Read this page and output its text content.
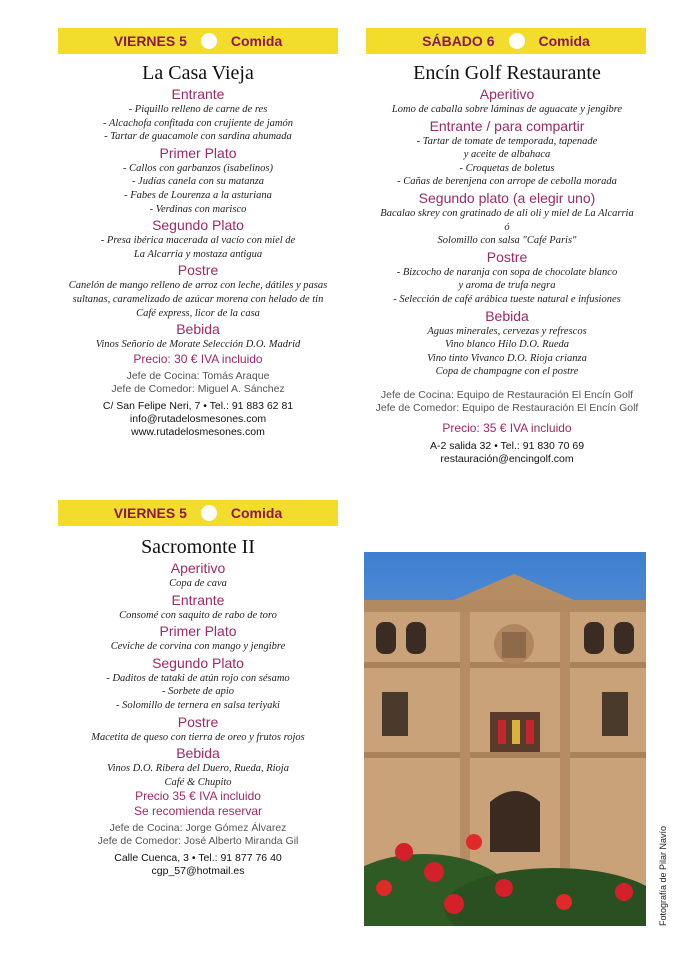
VIERNES 5	Comida
La Casa Vieja
Entrante
- Piquillo relleno de carne de res
- Alcachofa confitada con crujiente de jamón
- Tartar de guacamole con sardina ahumada
Primer Plato
- Callos con garbanzos (isabelinos)
- Judías canela con su matanza
- Fabes de Lourenza a la asturiana
- Verdinas con marisco
Segundo Plato
- Presa ibérica macerada al vacío con miel de
La Alcarria y mostaza antigua
Postre
Canelón de mango relleno de arroz con leche, dátiles y pasas
sultanas, caramelizado de azúcar morena con helado de tin
Café express, licor de la casa
Bebida
Vinos Señorío de Morate Selección D.O. Madrid
Precio: 30 € IVA incluido
Jefe de Cocina: Tomás Araque
Jefe de Comedor: Miguel A. Sánchez
C/ San Felipe Neri, 7 • Tel.: 91 883 62 81
info@rutadelosmesones.com
www.rutadelosmesones.com
VIERNES 5	Comida
Sacromonte II
Aperitivo
Copa de cava
Entrante
Consomé con saquito de rabo de toro
Primer Plato
Ceviche de corvina con mango y jengibre
Segundo Plato
- Daditos de tataki de atún rojo con sésamo
- Sorbete de apio
- Solomillo de ternera en salsa teriyaki
Postre
Macetita de queso con tierra de oreo y frutos rojos
Bebida
Vinos D.O. Ribera del Duero, Rueda, Rioja
Café & Chupito
Precio 35 € IVA incluido
Se recomienda reservar
Jefe de Cocina: Jorge Gómez Álvarez
Jefe de Comedor: José Alberto Miranda Gil
Calle Cuenca, 3 • Tel.: 91 877 76 40
cgp_57@hotmail.es
SÁBADO 6	Comida
Encín Golf Restaurante
Aperitivo
Lomo de caballa sobre láminas de aguacate y jengibre
Entrante / para compartir
- Tartar de tomate de temporada, tapenade
y aceite de albahaca
- Croquetas de boletus
- Cañas de berenjena con arrope de cebolla morada
Segundo plato (a elegir uno)
Bacalao skrey con gratinado de ali oli y miel de La Alcarria
ó
Solomillo con salsa "Café Paris"
Postre
- Bizcocho de naranja con sopa de chocolate blanco
y aroma de trufa negra
- Selección de café arábica tueste natural e infusiones
Bebida
Aguas minerales, cervezas y refrescos
Vino blanco Hilo D.O. Rueda
Vino tinto Vivanco D.O. Rioja crianza
Copa de champagne con el postre
Jefe de Cocina: Equipo de Restauración El Encín Golf
Jefe de Comedor: Equipo de Restauración El Encín Golf
Precio: 35 € IVA incluido
A-2 salida 32 • Tel.: 91 830 70 69
restauración@encingolf.com
Fotografía de Pilar Navío
